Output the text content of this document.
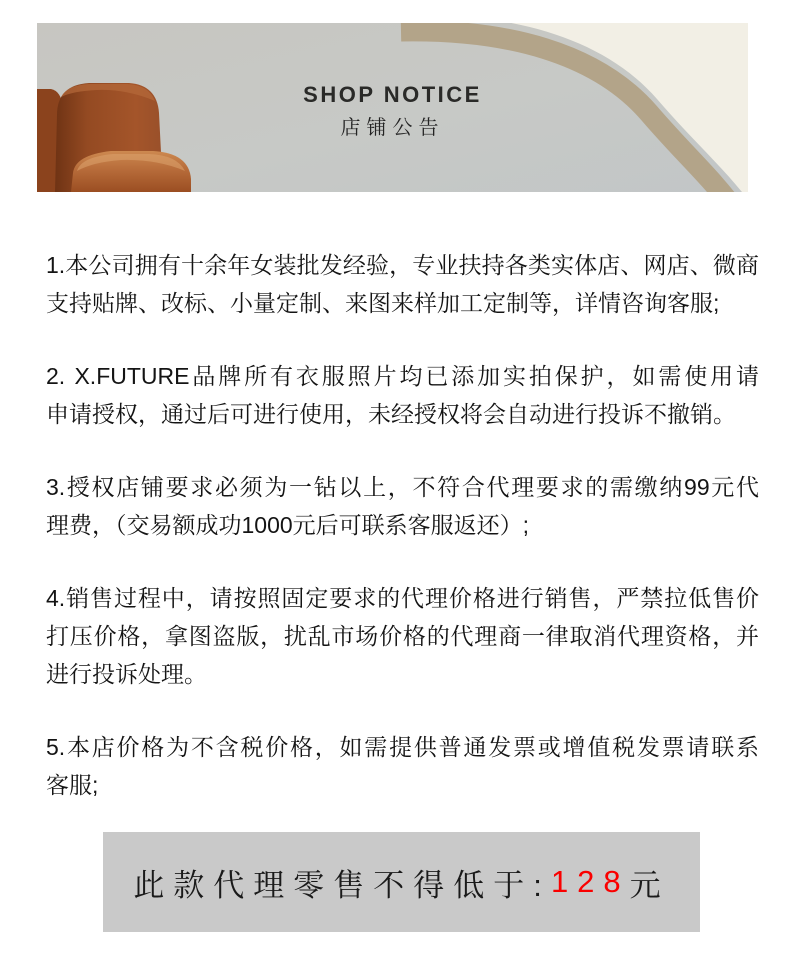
SHOP NOTICE
店铺公告

1.本公司拥有十余年女装批发经验，专业扶持各类实体店、网店、微商
支持贴牌、改标、小量定制、来图来样加工定制等，详情咨询客服;

2. X.FUTURE品牌所有衣服照片均已添加实拍保护，如需使用请
申请授权，通过后可进行使用，未经授权将会自动进行投诉不撤销。

3.授权店铺要求必须为一钻以上，不符合代理要求的需缴纳99元代
理费，（交易额成功1000元后可联系客服返还）;

4.销售过程中，请按照固定要求的代理价格进行销售，严禁拉低售价
打压价格，拿图盗版，扰乱市场价格的代理商一律取消代理资格，并
进行投诉处理。

5.本店价格为不含税价格，如需提供普通发票或增值税发票请联系
客服;

此款代理零售不得低于: 128 元
